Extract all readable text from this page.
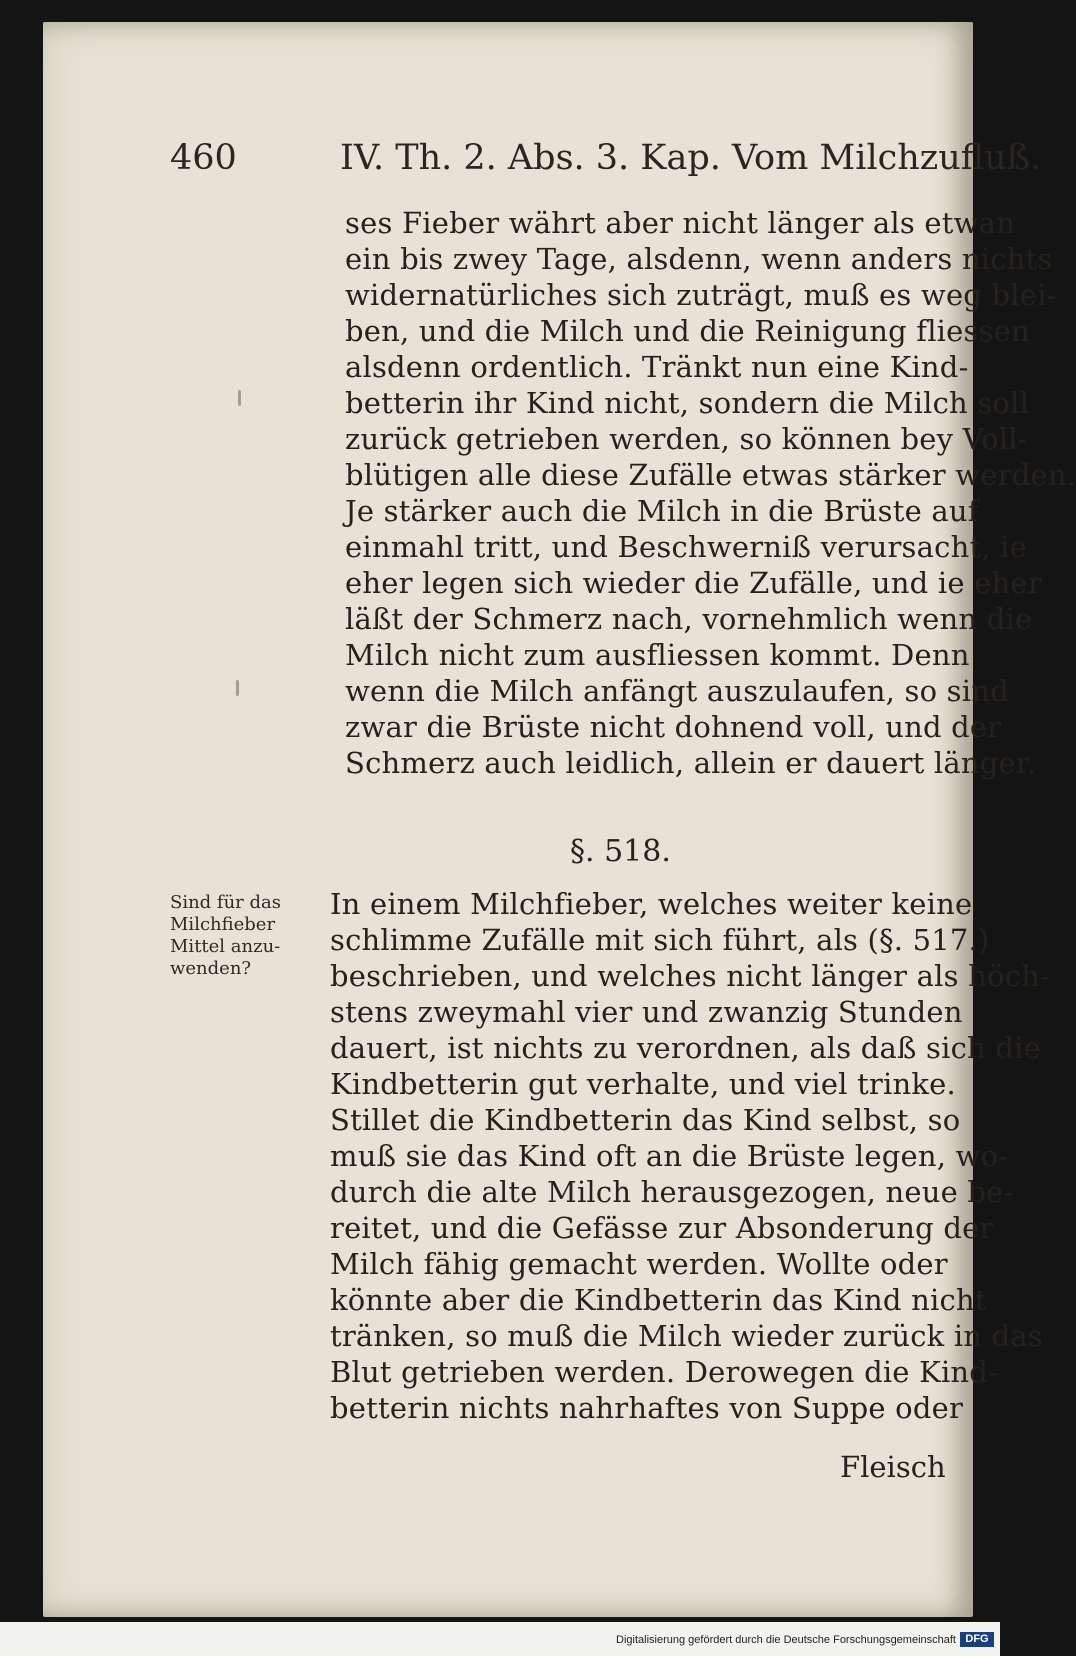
460	IV. Th. 2. Abs. 3. Kap. Vom Milchzufluß.
ses Fieber währt aber nicht länger als etwan
ein bis zwey Tage, alsdenn, wenn anders nichts
widernatürliches sich zuträgt, muß es weg blei-
ben, und die Milch und die Reinigung fliessen
alsdenn ordentlich. Tränkt nun eine Kind-
betterin ihr Kind nicht, sondern die Milch soll
zurück getrieben werden, so können bey Voll-
blütigen alle diese Zufälle etwas stärker werden.
Je stärker auch die Milch in die Brüste auf
einmahl tritt, und Beschwerniß verursacht, ie
eher legen sich wieder die Zufälle, und ie eher
läßt der Schmerz nach, vornehmlich wenn die
Milch nicht zum ausfliessen kommt. Denn
wenn die Milch anfängt auszulaufen, so sind
zwar die Brüste nicht dohnend voll, und der
Schmerz auch leidlich, allein er dauert länger.
§. 518.
Sind für das
Milchfieber
Mittel anzu-
wenden?
In einem Milchfieber, welches weiter keine
schlimme Zufälle mit sich führt, als (§. 517.)
beschrieben, und welches nicht länger als höch-
stens zweymahl vier und zwanzig Stunden
dauert, ist nichts zu verordnen, als daß sich die
Kindbetterin gut verhalte, und viel trinke.
Stillet die Kindbetterin das Kind selbst, so
muß sie das Kind oft an die Brüste legen, wo-
durch die alte Milch herausgezogen, neue be-
reitet, und die Gefässe zur Absonderung der
Milch fähig gemacht werden. Wollte oder
könnte aber die Kindbetterin das Kind nicht
tränken, so muß die Milch wieder zurück in das
Blut getrieben werden. Derowegen die Kind-
betterin nichts nahrhaftes von Suppe oder
Fleisch
Digitalisierung gefördert durch die Deutsche Forschungsgemeinschaft DFG
